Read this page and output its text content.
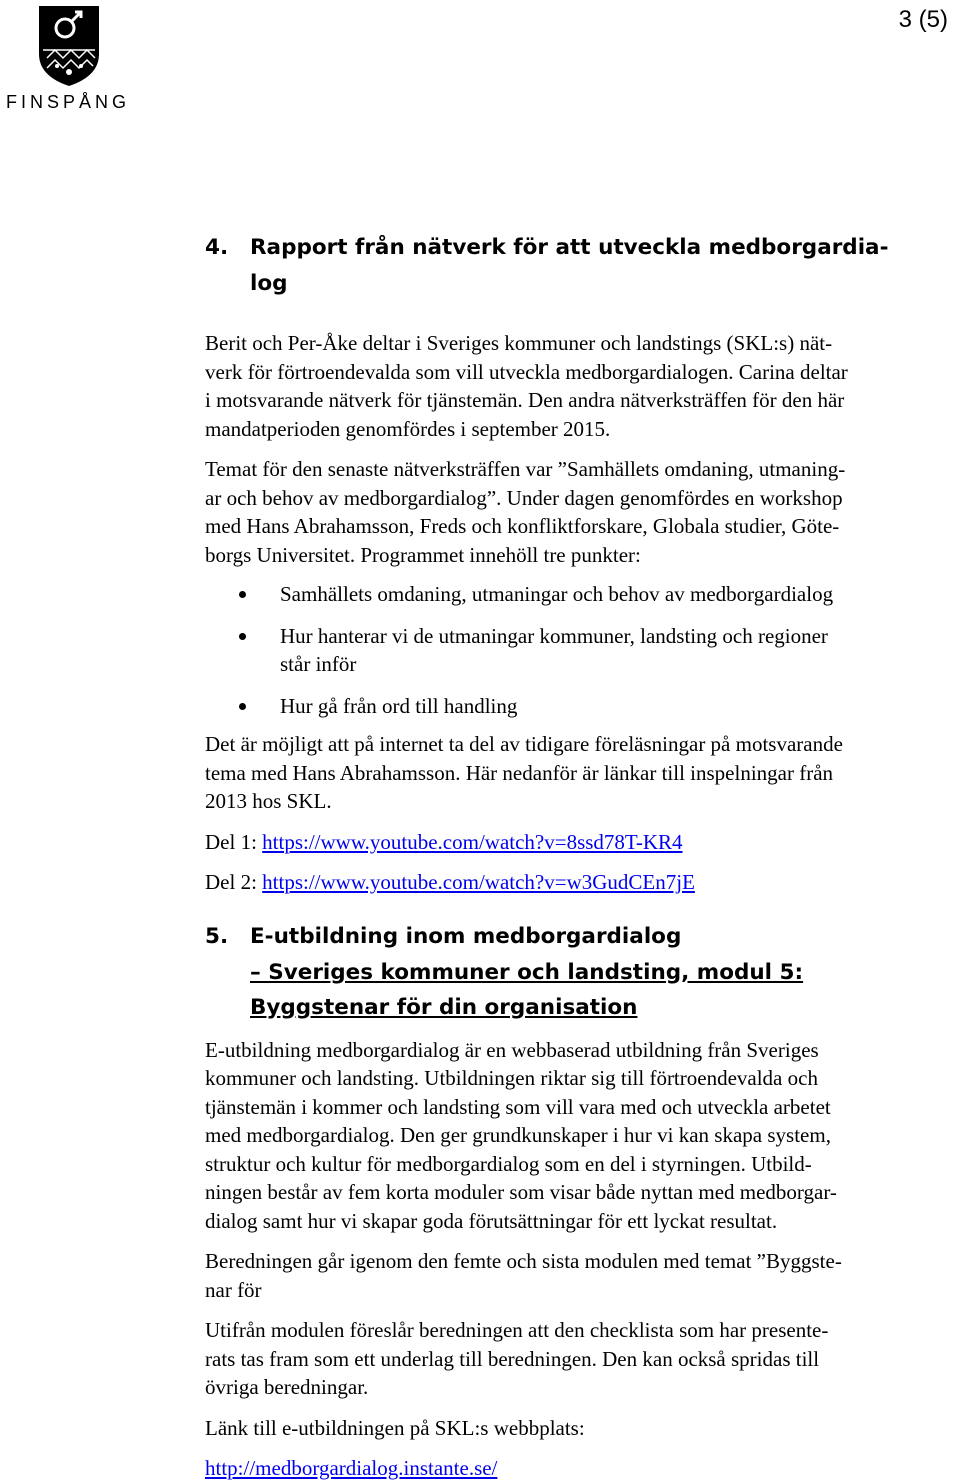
FINSPÅNG
3 (5)
4.	Rapport från nätverk för att utveckla medborgardia-
log

Berit och Per-Åke deltar i Sveriges kommuner och landstings (SKL:s) nät-
verk för förtroendevalda som vill utveckla medborgardialogen. Carina deltar
i motsvarande nätverk för tjänstemän. Den andra nätverksträffen för den här
mandatperioden genomfördes i september 2015.

Temat för den senaste nätverksträffen var ”Samhällets omdaning, utmaning-
ar och behov av medborgardialog”. Under dagen genomfördes en workshop
med Hans Abrahamsson, Freds och konfliktforskare, Globala studier, Göte-
borgs Universitet. Programmet innehöll tre punkter:

Samhällets omdaning, utmaningar och behov av medborgardialog
Hur hanterar vi de utmaningar kommuner, landsting och regioner
står inför
Hur gå från ord till handling

Det är möjligt att på internet ta del av tidigare föreläsningar på motsvarande
tema med Hans Abrahamsson. Här nedanför är länkar till inspelningar från
2013 hos SKL.

Del 1: https://www.youtube.com/watch?v=8ssd78T-KR4

Del 2: https://www.youtube.com/watch?v=w3GudCEn7jE

5.	E-utbildning inom medborgardialog
– Sveriges kommuner och landsting, modul 5:
Byggstenar för din organisation

E-utbildning medborgardialog är en webbaserad utbildning från Sveriges
kommuner och landsting. Utbildningen riktar sig till förtroendevalda och
tjänstemän i kommer och landsting som vill vara med och utveckla arbetet
med medborgardialog. Den ger grundkunskaper i hur vi kan skapa system,
struktur och kultur för medborgardialog som en del i styrningen. Utbild-
ningen består av fem korta moduler som visar både nyttan med medborgar-
dialog samt hur vi skapar goda förutsättningar för ett lyckat resultat.

Beredningen går igenom den femte och sista modulen med temat ”Byggste-
nar för

Utifrån modulen föreslår beredningen att den checklista som har presente-
rats tas fram som ett underlag till beredningen. Den kan också spridas till
övriga beredningar.

Länk till e-utbildningen på SKL:s webbplats:

http://medborgardialog.instante.se/
